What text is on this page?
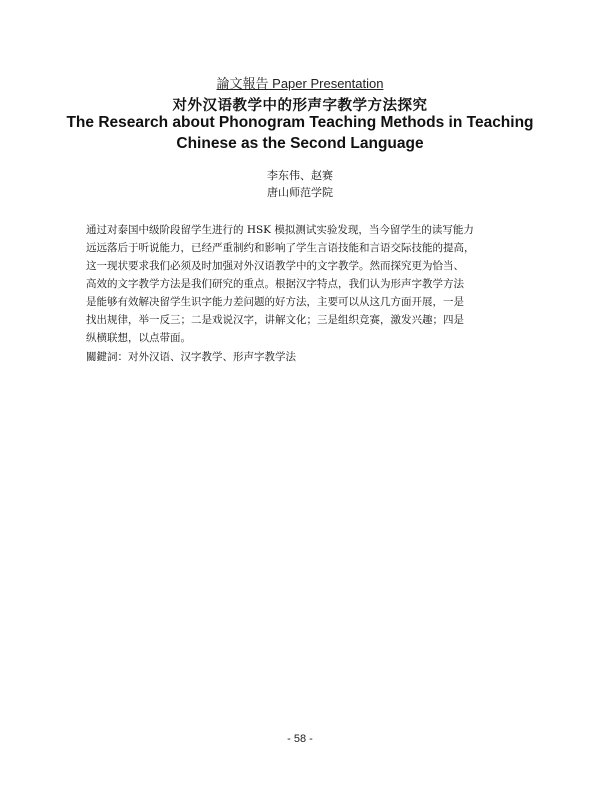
論文報告 Paper Presentation
对外汉语教学中的形声字教学方法探究
The Research about Phonogram Teaching Methods in Teaching Chinese as the Second Language
李东伟、赵赛
唐山师范学院
通过对泰国中级阶段留学生进行的 HSK 模拟测试实验发现，当今留学生的读写能力
远远落后于听说能力，已经严重制约和影响了学生言语技能和言语交际技能的提高，
这一现状要求我们必须及时加强对外汉语教学中的文字教学。然而探究更为恰当、
高效的文字教学方法是我们研究的重点。根据汉字特点，我们认为形声字教学方法
是能够有效解决留学生识字能力差问题的好方法，主要可以从这几方面开展，一是
找出规律，举一反三；二是戏说汉字，讲解文化；三是组织竞赛，激发兴趣；四是
纵横联想，以点带面。
關鍵詞：对外汉语、汉字教学、形声字教学法
- 58 -
